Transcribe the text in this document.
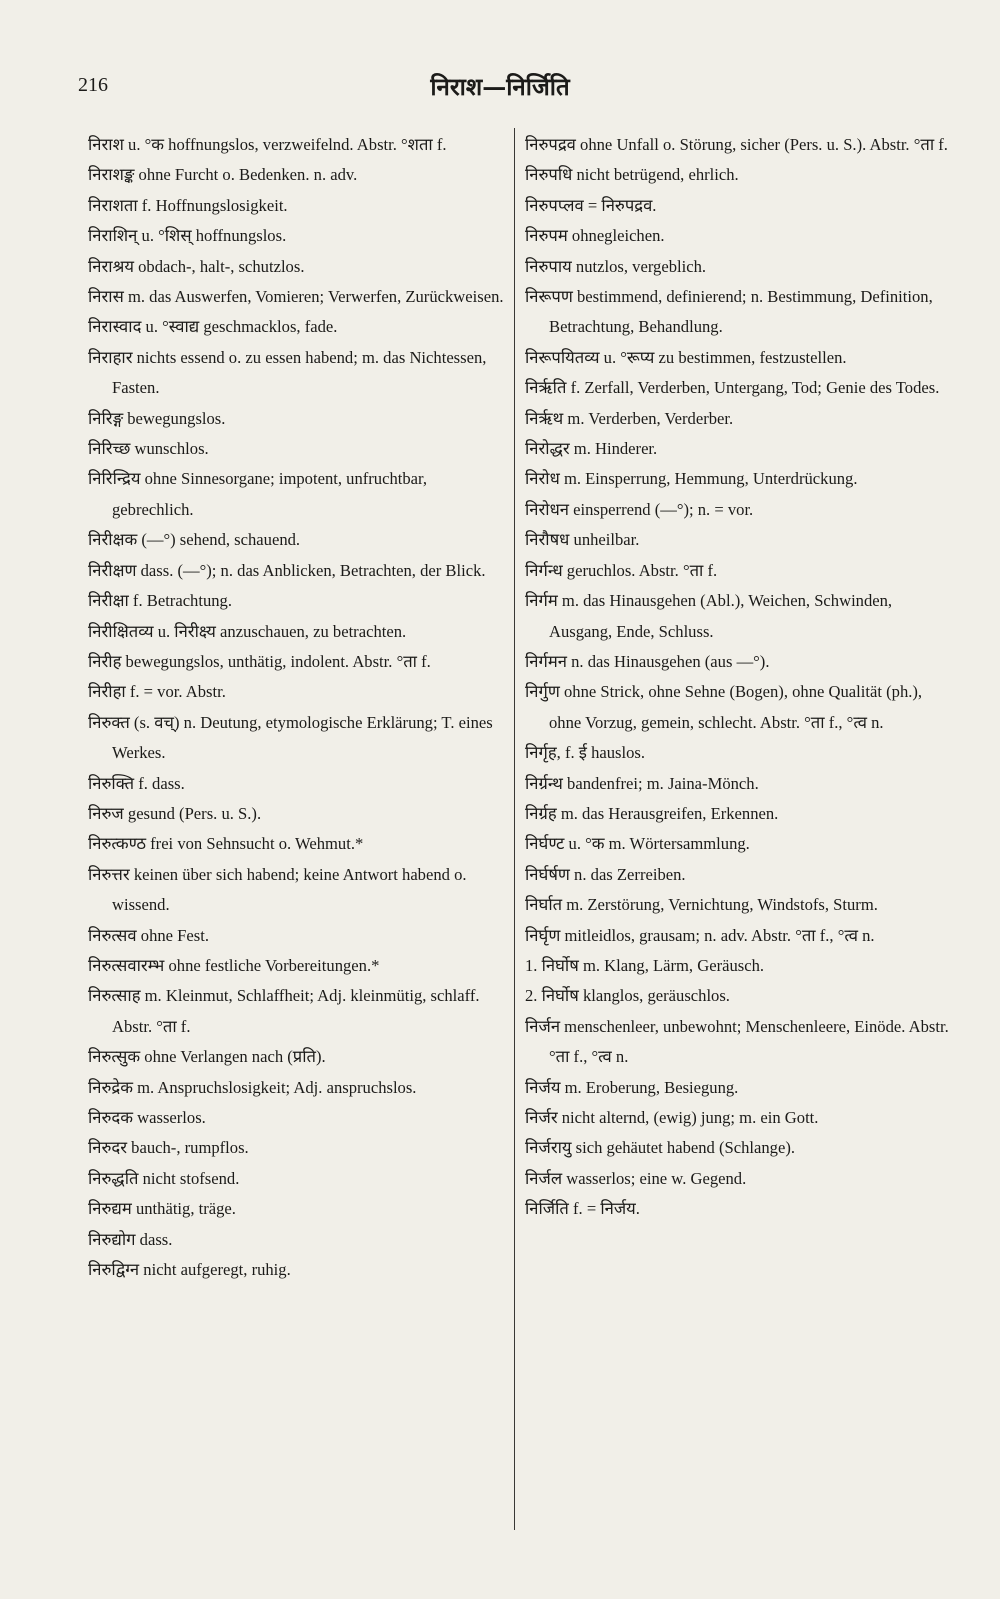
216	निराश—निर्जिति

निराश u. °क hoffnungslos, verzweifelnd. Abstr. °शता f.

निराशङ्क ohne Furcht o. Bedenken. n. adv.

निराशता f. Hoffnungslosigkeit.

निराशिन् u. °शिस् hoffnungslos.

निराश्रय obdach-, halt-, schutzlos.

निरास m. das Auswerfen, Vomieren; Verwerfen, Zurückweisen.

निरास्वाद u. °स्वाद्य geschmacklos, fade.

निराहार nichts essend o. zu essen habend; m. das Nichtessen, Fasten.

निरिङ्ग bewegungslos.

निरिच्छ wunschlos.

निरिन्द्रिय ohne Sinnesorgane; impotent, unfruchtbar, gebrechlich.

निरीक्षक (—°) sehend, schauend.

निरीक्षण dass. (—°); n. das Anblicken, Betrachten, der Blick.

निरीक्षा f. Betrachtung.

निरीक्षितव्य u. निरीक्ष्य anzuschauen, zu betrachten.

निरीह bewegungslos, unthätig, indolent. Abstr. °ता f.

निरीहा f. = vor. Abstr.

निरुक्त (s. वच्) n. Deutung, etymologische Erklärung; T. eines Werkes.

निरुक्ति f. dass.

निरुज gesund (Pers. u. S.).

निरुत्कण्ठ frei von Sehnsucht o. Wehmut.*

निरुत्तर keinen über sich habend; keine Antwort habend o. wissend.

निरुत्सव ohne Fest.

निरुत्सवारम्भ ohne festliche Vorbereitungen.*

निरुत्साह m. Kleinmut, Schlaffheit; Adj. kleinmütig, schlaff. Abstr. °ता f.

निरुत्सुक ohne Verlangen nach (प्रति).

निरुद्रेक m. Anspruchslosigkeit; Adj. anspruchslos.

निरुदक wasserlos.

निरुदर bauch-, rumpflos.

निरुद्धति nicht stofsend.

निरुद्यम unthätig, träge.

निरुद्योग dass.

निरुद्विग्न nicht aufgeregt, ruhig.

निरुपद्रव ohne Unfall o. Störung, sicher (Pers. u. S.). Abstr. °ता f.

निरुपधि nicht betrügend, ehrlich.

निरुपप्लव = निरुपद्रव.

निरुपम ohnegleichen.

निरुपाय nutzlos, vergeblich.

निरूपण bestimmend, definierend; n. Bestimmung, Definition, Betrachtung, Behandlung.

निरूपयितव्य u. °रूप्य zu bestimmen, festzustellen.

निर्ऋति f. Zerfall, Verderben, Untergang, Tod; Genie des Todes.

निर्ऋथ m. Verderben, Verderber.

निरोद्धर m. Hinderer.

निरोध m. Einsperrung, Hemmung, Unterdrückung.

निरोधन einsperrend (—°); n. = vor.

निरौषध unheilbar.

निर्गन्ध geruchlos. Abstr. °ता f.

निर्गम m. das Hinausgehen (Abl.), Weichen, Schwinden, Ausgang, Ende, Schluss.

निर्गमन n. das Hinausgehen (aus —°).

निर्गुण ohne Strick, ohne Sehne (Bogen), ohne Qualität (ph.), ohne Vorzug, gemein, schlecht. Abstr. °ता f., °त्व n.

निर्गृह, f. ई hauslos.

निर्ग्रन्थ bandenfrei; m. Jaina-Mönch.

निर्ग्रह m. das Herausgreifen, Erkennen.

निर्घण्ट u. °क m. Wörtersammlung.

निर्घर्षण n. das Zerreiben.

निर्घात m. Zerstörung, Vernichtung, Windstofs, Sturm.

निर्घृण mitleidlos, grausam; n. adv. Abstr. °ता f., °त्व n.

1. निर्घोष m. Klang, Lärm, Geräusch.

2. निर्घोष klanglos, geräuschlos.

निर्जन menschenleer, unbewohnt; Menschenleere, Einöde. Abstr. °ता f., °त्व n.

निर्जय m. Eroberung, Besiegung.

निर्जर nicht alternd, (ewig) jung; m. ein Gott.

निर्जरायु sich gehäutet habend (Schlange).

निर्जल wasserlos; eine w. Gegend.

निर्जिति f. = निर्जय.
